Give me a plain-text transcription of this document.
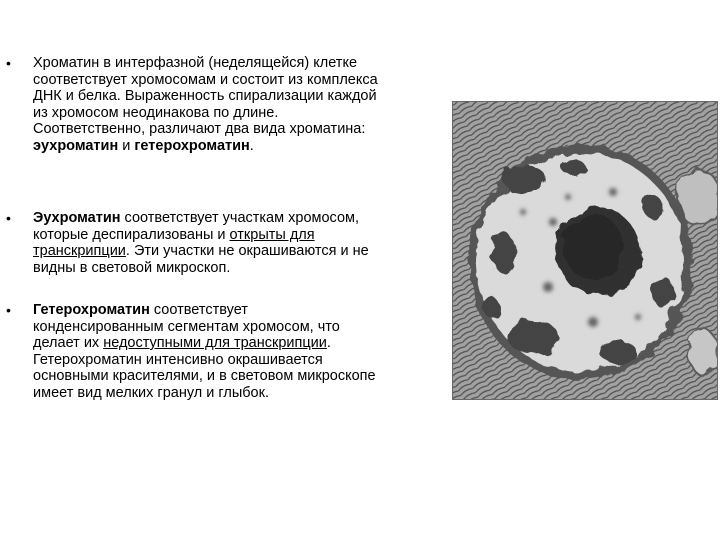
• Хроматин в интерфазной (неделящейся) клетке соответствует хромосомам и состоит из комплекса ДНК и белка. Выраженность спирализации каждой из хромосом неодинакова по длине. Соответственно, различают два вида хроматина: эухроматин и гетерохроматин.

• Эухроматин соответствует участкам хромосом, которые деспирализованы и открыты для транскрипции. Эти участки не окрашиваются и не видны в световой микроскоп.

• Гетерохроматин соответствует конденсированным сегментам хромосом, что делает их недоступными для транскрипции. Гетерохроматин интенсивно окрашивается основными красителями, и в световом микроскопе имеет вид мелких гранул и глыбок.
